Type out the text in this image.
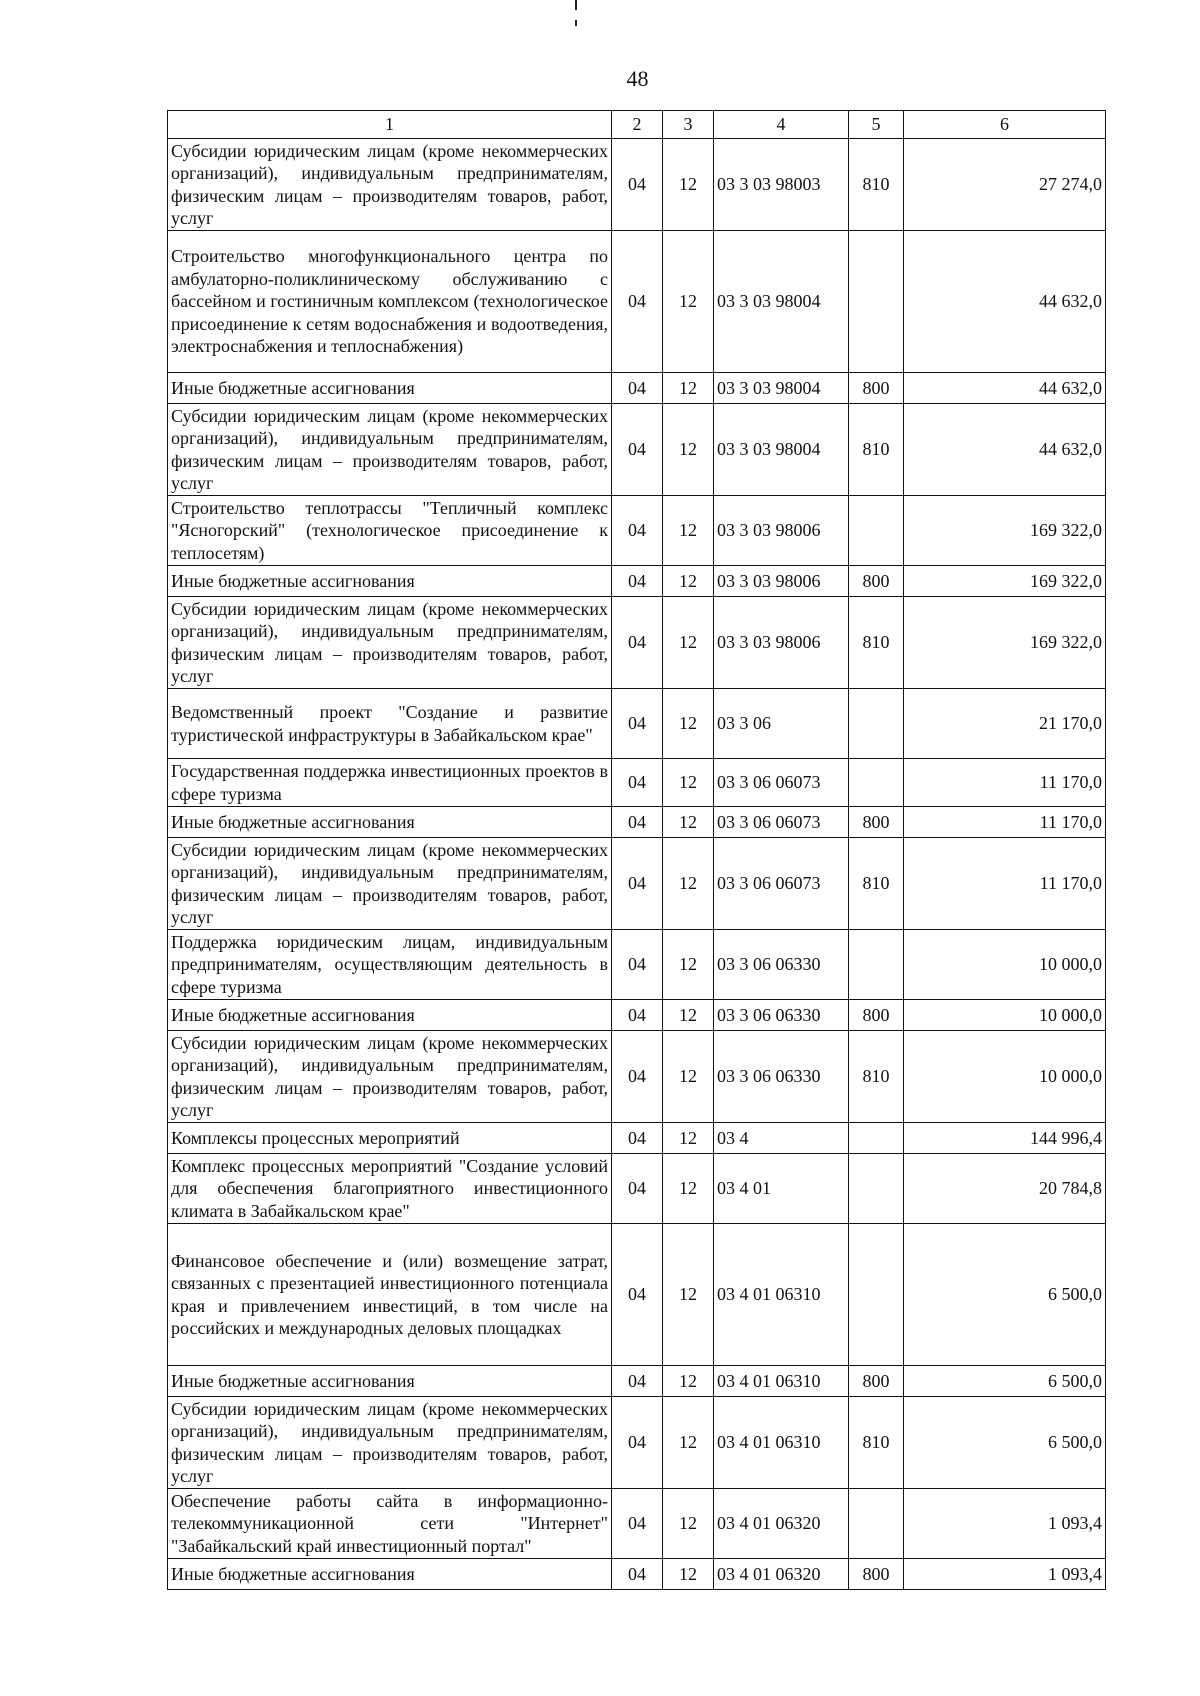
48
1	2	3	4	5	6
Субсидии юридическим лицам (кроме некоммерческих организаций), индивидуальным предпринимателям, физическим лицам – производителям товаров, работ, услуг	04	12	03 3 03 98003	810	27 274,0
Строительство многофункционального центра по амбулаторно-поликлиническому обслуживанию с бассейном и гостиничным комплексом (технологическое присоединение к сетям водоснабжения и водоотведения, электроснабжения и теплоснабжения)	04	12	03 3 03 98004		44 632,0
Иные бюджетные ассигнования	04	12	03 3 03 98004	800	44 632,0
Субсидии юридическим лицам (кроме некоммерческих организаций), индивидуальным предпринимателям, физическим лицам – производителям товаров, работ, услуг	04	12	03 3 03 98004	810	44 632,0
Строительство теплотрассы "Тепличный комплекс "Ясногорский" (технологическое присоединение к теплосетям)	04	12	03 3 03 98006		169 322,0
Иные бюджетные ассигнования	04	12	03 3 03 98006	800	169 322,0
Субсидии юридическим лицам (кроме некоммерческих организаций), индивидуальным предпринимателям, физическим лицам – производителям товаров, работ, услуг	04	12	03 3 03 98006	810	169 322,0
Ведомственный проект "Создание и развитие туристической инфраструктуры в Забайкальском крае"	04	12	03 3 06		21 170,0
Государственная поддержка инвестиционных проектов в сфере туризма	04	12	03 3 06 06073		11 170,0
Иные бюджетные ассигнования	04	12	03 3 06 06073	800	11 170,0
Субсидии юридическим лицам (кроме некоммерческих организаций), индивидуальным предпринимателям, физическим лицам – производителям товаров, работ, услуг	04	12	03 3 06 06073	810	11 170,0
Поддержка юридическим лицам, индивидуальным предпринимателям, осуществляющим деятельность в сфере туризма	04	12	03 3 06 06330		10 000,0
Иные бюджетные ассигнования	04	12	03 3 06 06330	800	10 000,0
Субсидии юридическим лицам (кроме некоммерческих организаций), индивидуальным предпринимателям, физическим лицам – производителям товаров, работ, услуг	04	12	03 3 06 06330	810	10 000,0
Комплексы процессных мероприятий	04	12	03 4		144 996,4
Комплекс процессных мероприятий "Создание условий для обеспечения благоприятного инвестиционного климата в Забайкальском крае"	04	12	03 4 01		20 784,8
Финансовое обеспечение и (или) возмещение затрат, связанных с презентацией инвестиционного потенциала края и привлечением инвестиций, в том числе на российских и международных деловых площадках	04	12	03 4 01 06310		6 500,0
Иные бюджетные ассигнования	04	12	03 4 01 06310	800	6 500,0
Субсидии юридическим лицам (кроме некоммерческих организаций), индивидуальным предпринимателям, физическим лицам – производителям товаров, работ, услуг	04	12	03 4 01 06310	810	6 500,0
Обеспечение работы сайта в информационно-телекоммуникационной сети "Интернет" "Забайкальский край инвестиционный портал"	04	12	03 4 01 06320		1 093,4
Иные бюджетные ассигнования	04	12	03 4 01 06320	800	1 093,4
